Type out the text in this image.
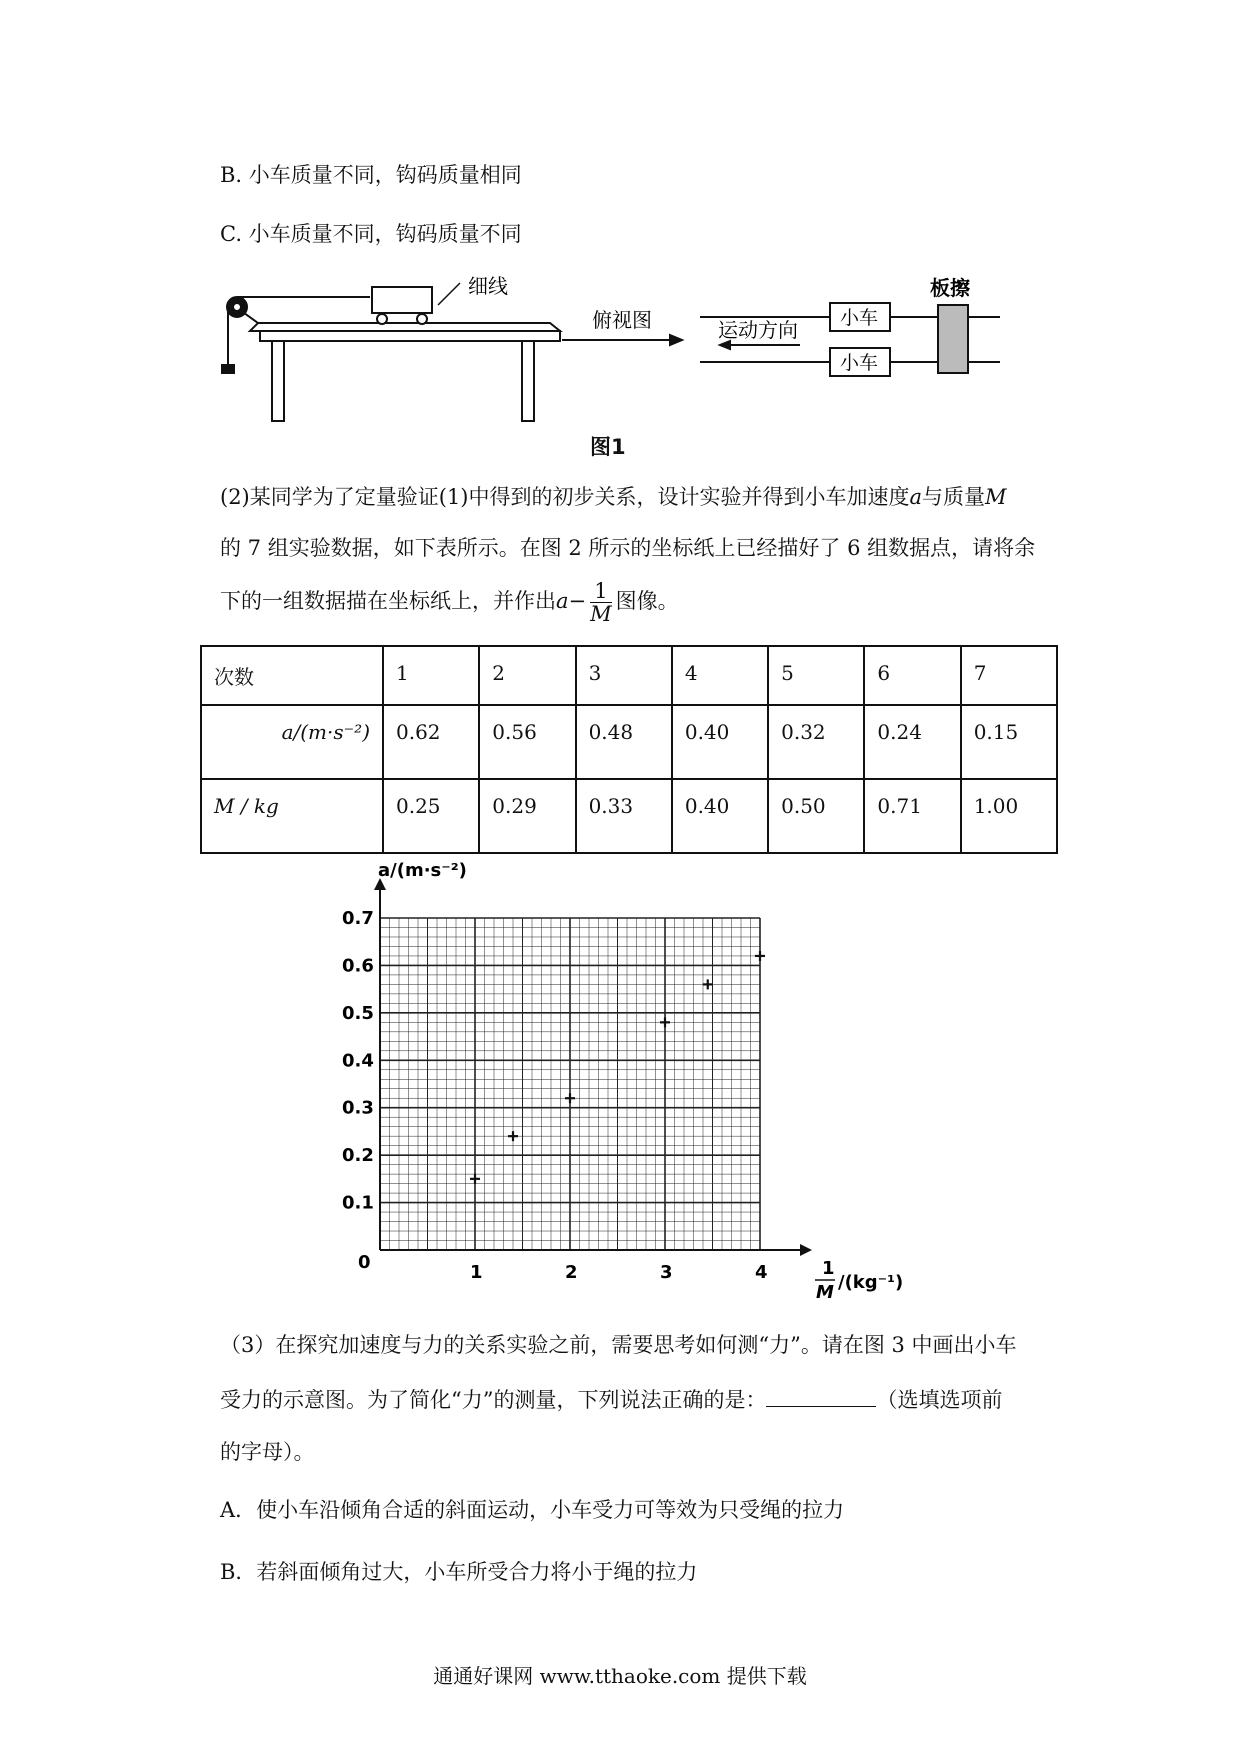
B. 小车质量不同，钩码质量相同
C. 小车质量不同，钩码质量不同
细线
俯视图
板擦
运动方向 小车
小车
图1
(2)某同学为了定量验证(1)中得到的初步关系，设计实验并得到小车加速度a与质量M
的 7 组实验数据，如下表所示。在图 2 所示的坐标纸上已经描好了 6 组数据点，请将余
下的一组数据描在坐标纸上，并作出$a- \frac{1}{M}$ 图像。
次数	1	2	3	4	5	6	7
a/(m·s⁻²)	0.62	0.56	0.48	0.40	0.32	0.24	0.15
M / kg	0.25	0.29	0.33	0.40	0.50	0.71	1.00
1	2	3	4
0.1
0.2
0.3
0.4
0.5
0.6
0.7
a/(m·s⁻²)
1
M /(kg⁻¹)
0
（3）在探究加速度与力的关系实验之前，需要思考如何测“力”。请在图 3 中画出小车
受力的示意图。为了简化“力”的测量，下列说法正确的是：	（选填选项前
的字母）。
A．使小车沿倾角合适的斜面运动，小车受力可等效为只受绳的拉力
B．若斜面倾角过大，小车所受合力将小于绳的拉力
通通好课网 www.tthaoke.com 提供下载
